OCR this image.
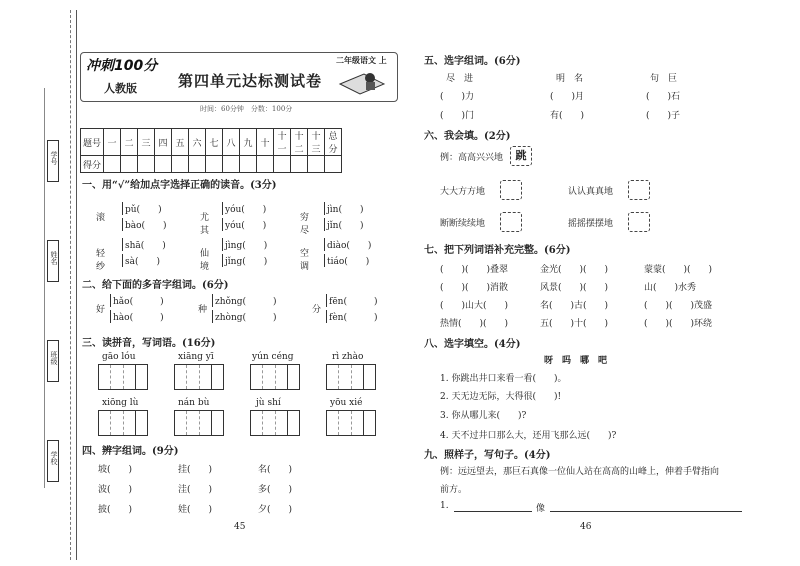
学号
姓名
班级
学校
冲刺100分
人教版	第四单元达标测试卷
二年级语文 上
时间：60分钟　分数：100分
题号	一	二	三	四	五	六	七	八	九	十	十一	十二	十三	总分
得分														
一、用“√”给加点字选择正确的读音。(3分)
滚
pǔ(　　)
bào(　　)
尤其
yóu(　　)
yóu(　　)
穷尽
jìn(　　)
jǐn(　　)
轻纱
shā(　　)
sà(　　)
仙境
jìng(　　)
jǐng(　　)
空调
diào(　　)
tiáo(　　)
二、给下面的多音字组词。(6分)
好
hǎo(　　　)
hào(　　　)
种
zhǒng(　　　)
zhòng(　　　)
分
fēn(　　　)
fèn(　　　)
三、读拼音，写词语。(16分)
gāo lóu	xiāng yī	yún céng	rì zhào
xiōng lù	nán bù	jù shí	yōu xié
四、辨字组词。(9分)
坡(　　)	挂(　　)	名(　　)
波(　　)	洼(　　)	多(　　)
披(　　)	娃(　　)	夕(　　)
45
五、选字组词。(6分)
尽　进	明　名	句　巨
(　　)力	(　　)月	(　　)石
(　　)门	有(　　)	(　　)子
六、我会填。(2分)
例：高高兴兴地	跳
大大方方地	认认真真地
断断续续地	摇摇摆摆地
七、把下列词语补充完整。(6分)
(　　)(　　)叠翠	金光(　　)(　　)	蒙蒙(　　)(　　)
(　　)(　　)消散	风景(　　)(　　)	山(　　)水秀
(　　)山大(　　)	名(　　)古(　　)	(　　)(　　)茂盛
热情(　　)(　　)	五(　　)十(　　)	(　　)(　　)环绕
八、选字填空。(4分)
呀　吗　哪　吧
1. 你跳出井口来看一看(　　)。
2. 天无边无际，大得很(　　)!
3. 你从哪儿来(　　)?
4. 天不过井口那么大，还用飞那么远(　　)?
九、照样子，写句子。(4分)
例：远远望去，那巨石真像一位仙人站在高高的山峰上，伸着手臂指向
前方。
1.	像
46
